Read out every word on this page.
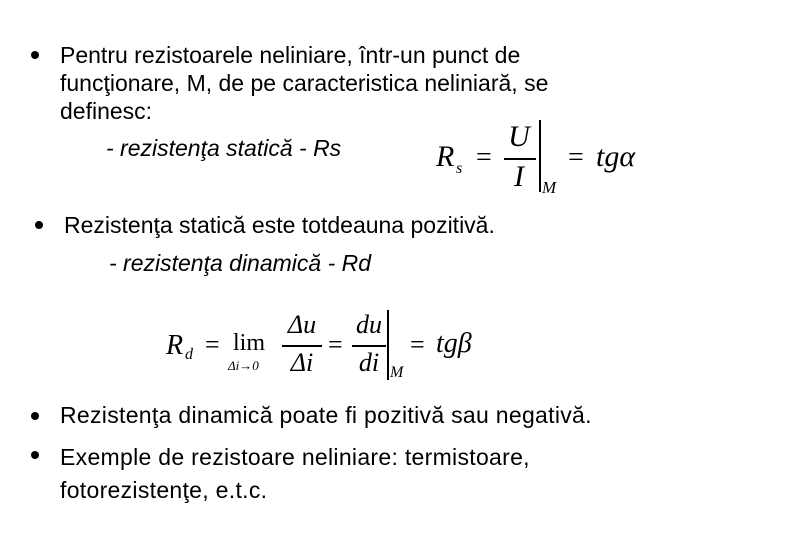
Pentru rezistoarele neliniare, într-un punct de
funcţionare, M, de pe caracteristica neliniară, se
definesc:
- rezistenţa statică - Rs	R s =
U
I	M
= tgα
Rezistenţa statică este totdeauna pozitivă.
- rezistenţa dinamică - Rd
R d = lim
Δi→0
Δu
Δi
=
du
di M
= tgβ
Rezistenţa dinamică poate fi pozitivă sau negativă.
Exemple de rezistoare neliniare: termistoare,
fotorezistenţe, e.t.c.
